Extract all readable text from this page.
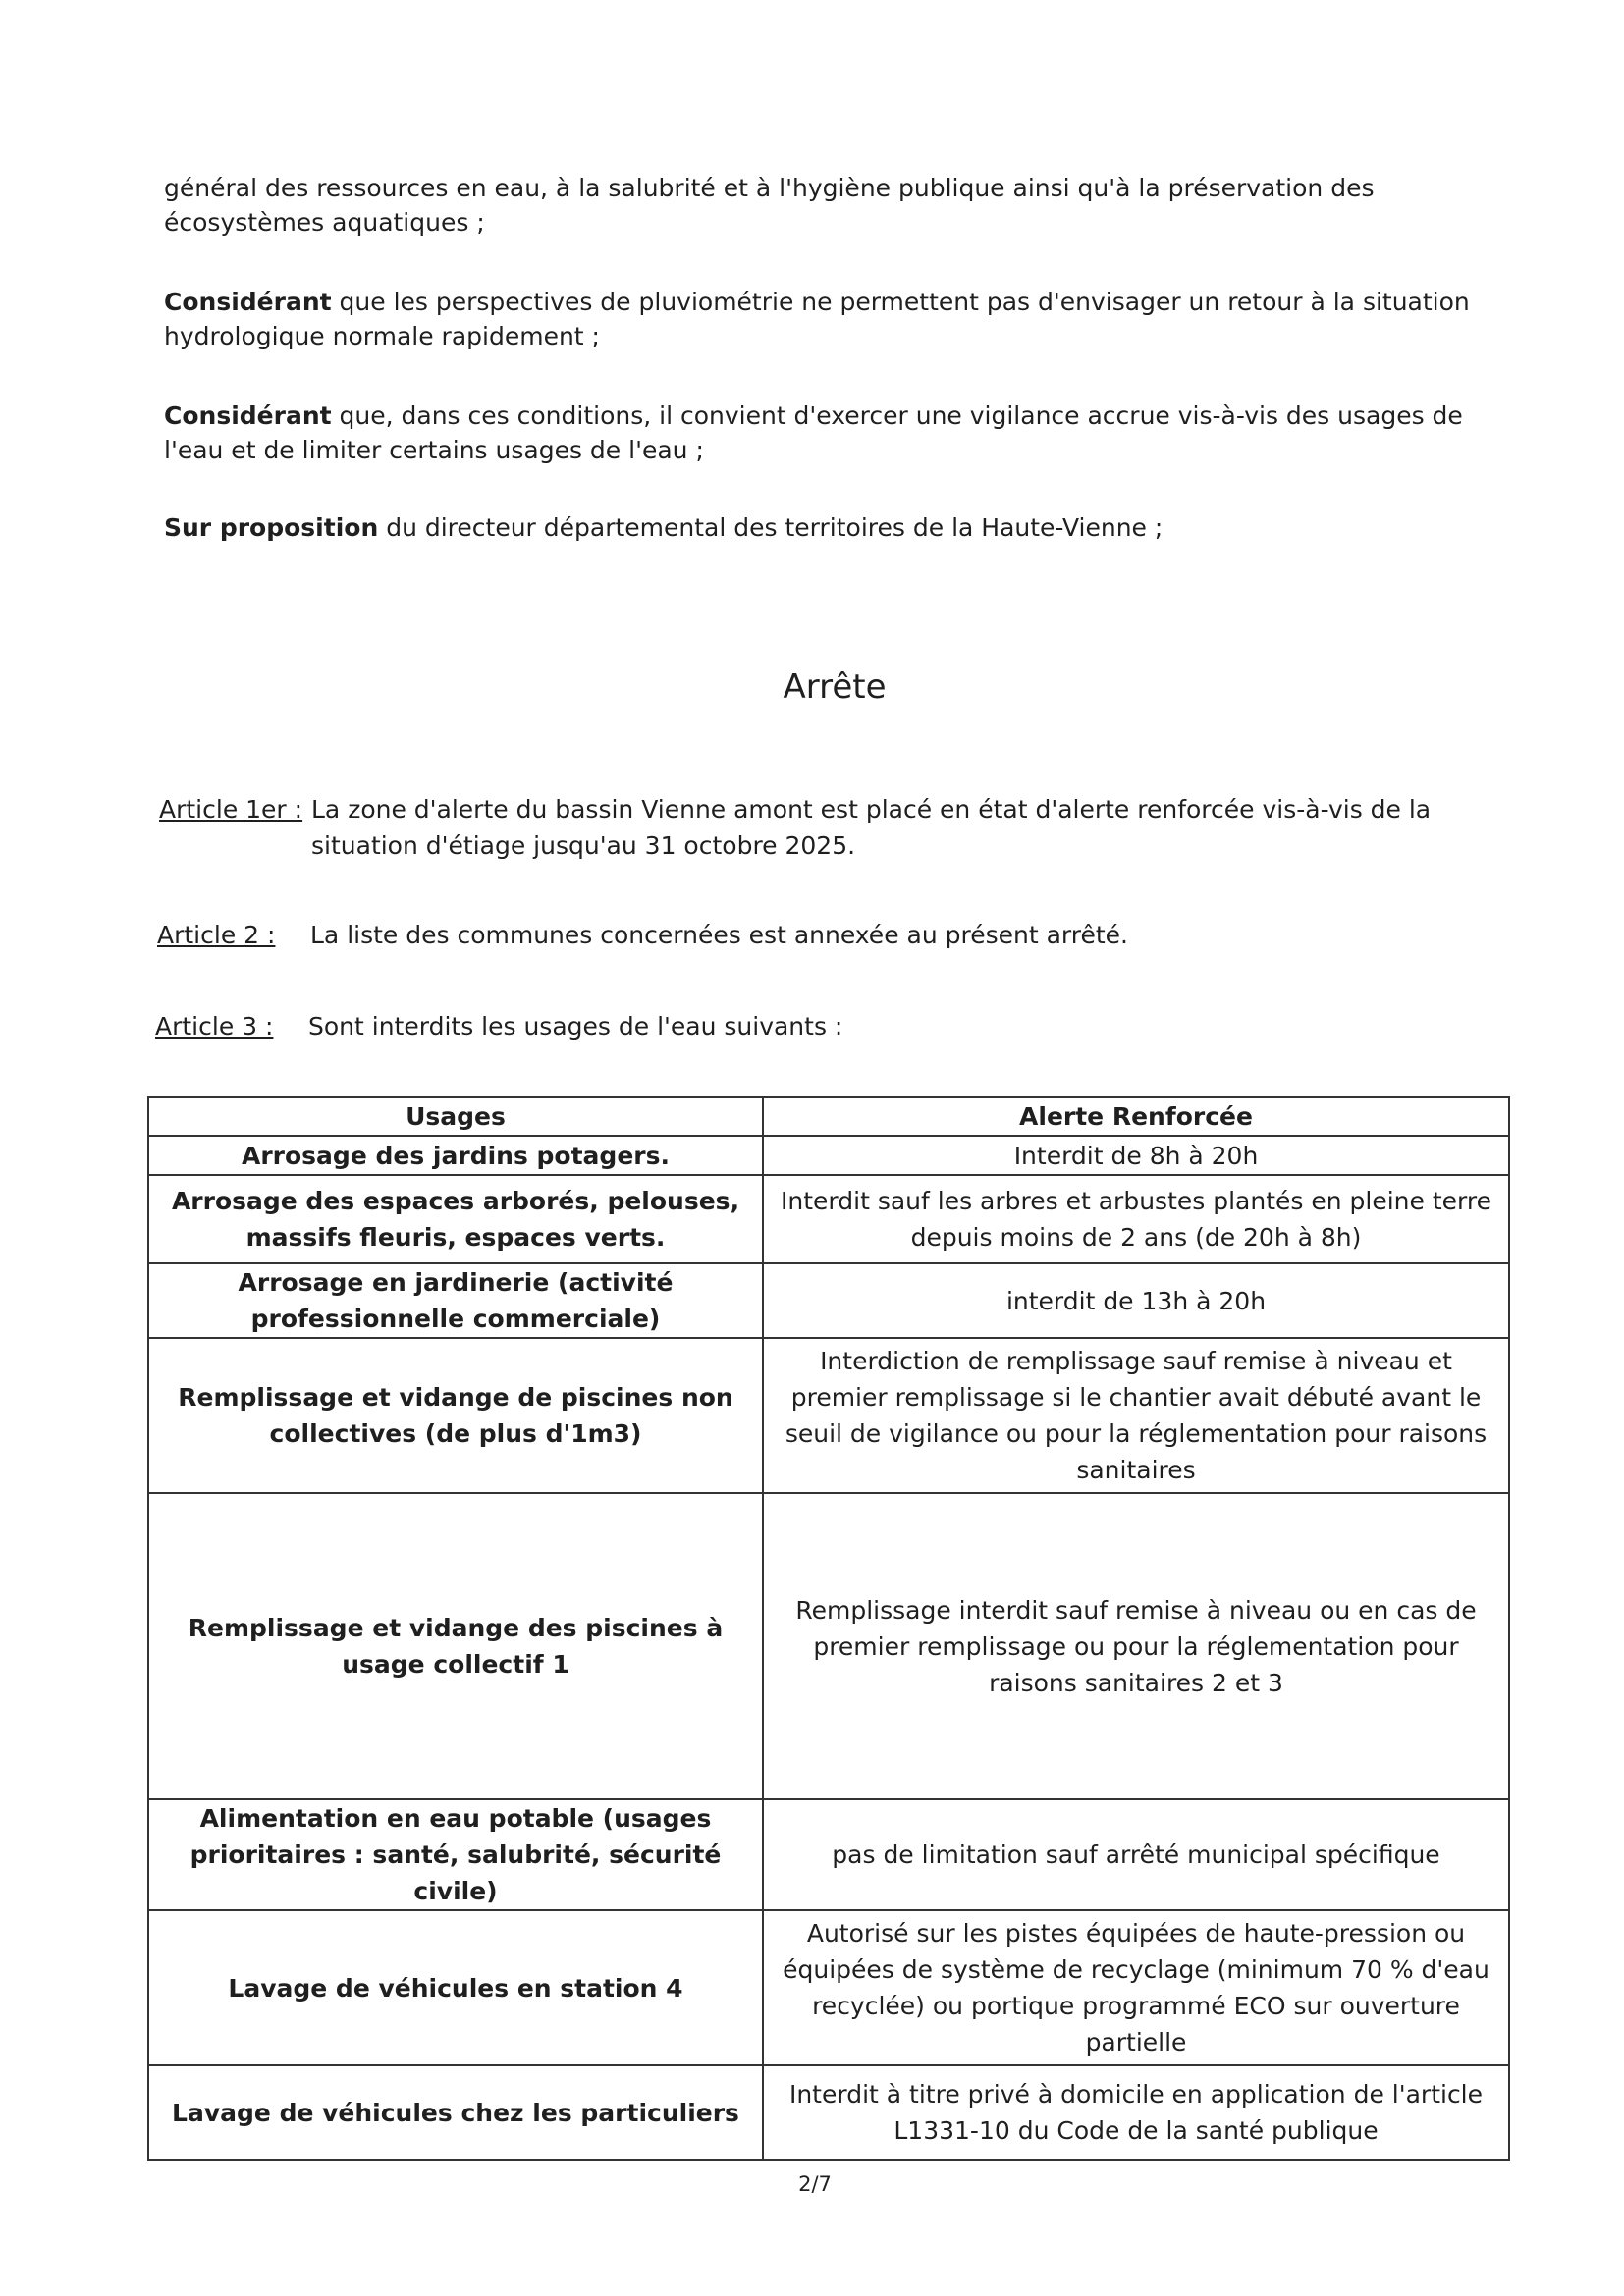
général des ressources en eau, à la salubrité et à l'hygiène publique ainsi qu'à la préservation des écosystèmes aquatiques ;

Considérant que les perspectives de pluviométrie ne permettent pas d'envisager un retour à la situation hydrologique normale rapidement ;

Considérant que, dans ces conditions, il convient d'exercer une vigilance accrue vis-à-vis des usages de l'eau et de limiter certains usages de l'eau ;

Sur proposition du directeur départemental des territoires de la Haute-Vienne ;

Arrête
Article 1er : La zone d'alerte du bassin Vienne amont est placé en état d'alerte renforcée vis-à-vis de la situation d'étiage jusqu'au 31 octobre 2025.
Article 2 : La liste des communes concernées est annexée au présent arrêté.
Article 3 : Sont interdits les usages de l'eau suivants :
Usages	Alerte Renforcée
Arrosage des jardins potagers.	Interdit de 8h à 20h
Arrosage des espaces arborés, pelouses, massifs fleuris, espaces verts.	Interdit sauf les arbres et arbustes plantés en pleine terre depuis moins de 2 ans (de 20h à 8h)
Arrosage en jardinerie (activité professionnelle commerciale)	interdit de 13h à 20h
Remplissage et vidange de piscines non collectives (de plus d'1m3)	Interdiction de remplissage sauf remise à niveau et premier remplissage si le chantier avait débuté avant le seuil de vigilance ou pour la réglementation pour raisons sanitaires
Remplissage et vidange des piscines à usage collectif 1	Remplissage interdit sauf remise à niveau ou en cas de premier remplissage ou pour la réglementation pour raisons sanitaires 2 et 3
Alimentation en eau potable (usages prioritaires : santé, salubrité, sécurité civile)	pas de limitation sauf arrêté municipal spécifique
Lavage de véhicules en station 4	Autorisé sur les pistes équipées de haute-pression ou équipées de système de recyclage (minimum 70 % d'eau recyclée) ou portique programmé ECO sur ouverture partielle
Lavage de véhicules chez les particuliers	Interdit à titre privé à domicile en application de l'article L1331-10 du Code de la santé publique
2/7
